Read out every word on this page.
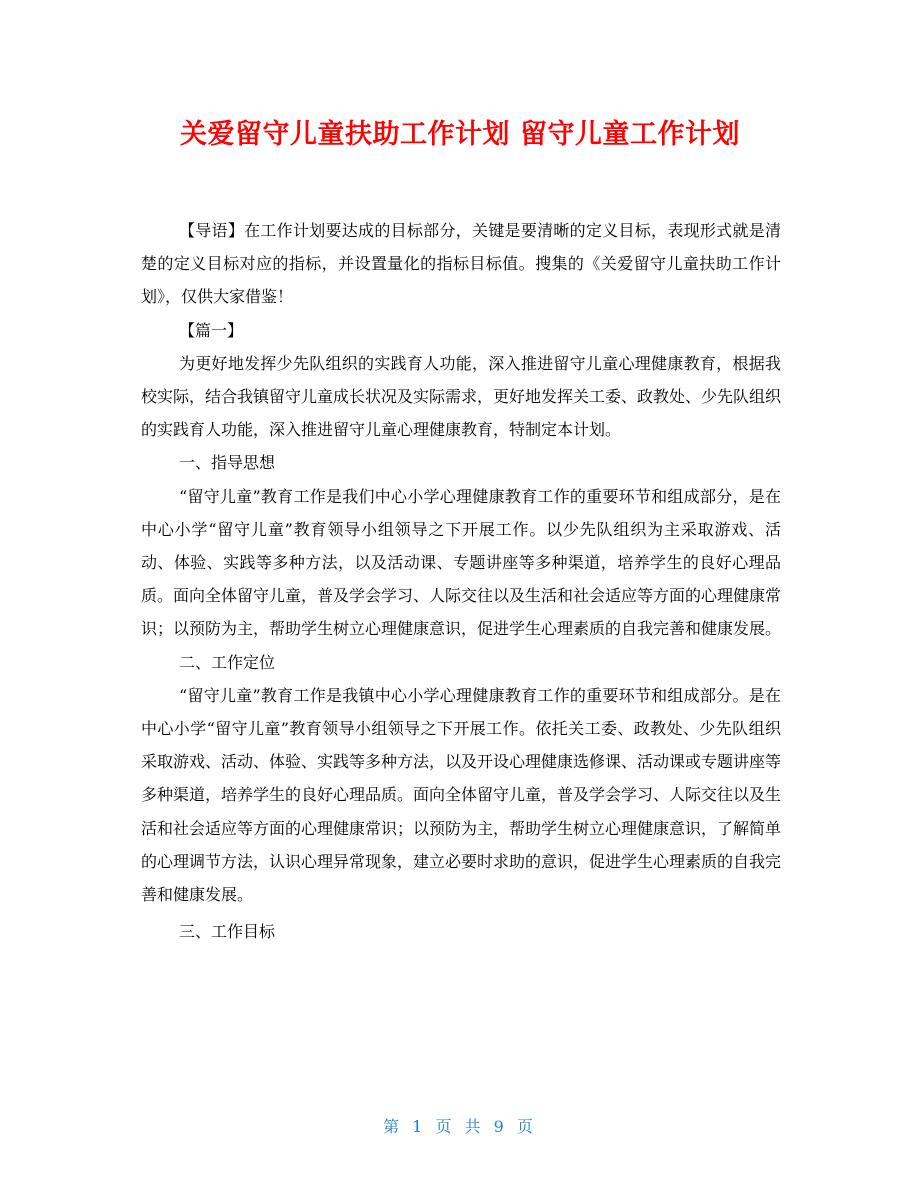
关爱留守儿童扶助工作计划 留守儿童工作计划

【导语】在工作计划要达成的目标部分，关键是要清晰的定义目标，表现形式就是清楚的定义目标对应的指标，并设置量化的指标目标值。搜集的《关爱留守儿童扶助工作计划》，仅供大家借鉴！

【篇一】

为更好地发挥少先队组织的实践育人功能，深入推进留守儿童心理健康教育，根据我校实际，结合我镇留守儿童成长状况及实际需求，更好地发挥关工委、政教处、少先队组织的实践育人功能，深入推进留守儿童心理健康教育，特制定本计划。

一、指导思想

“留守儿童”教育工作是我们中心小学心理健康教育工作的重要环节和组成部分，是在中心小学“留守儿童”教育领导小组领导之下开展工作。以少先队组织为主采取游戏、活动、体验、实践等多种方法，以及活动课、专题讲座等多种渠道，培养学生的良好心理品质。面向全体留守儿童，普及学会学习、人际交往以及生活和社会适应等方面的心理健康常识；以预防为主，帮助学生树立心理健康意识，促进学生心理素质的自我完善和健康发展。

二、工作定位

“留守儿童”教育工作是我镇中心小学心理健康教育工作的重要环节和组成部分。是在中心小学“留守儿童”教育领导小组领导之下开展工作。依托关工委、政教处、少先队组织采取游戏、活动、体验、实践等多种方法，以及开设心理健康选修课、活动课或专题讲座等多种渠道，培养学生的良好心理品质。面向全体留守儿童，普及学会学习、人际交往以及生活和社会适应等方面的心理健康常识；以预防为主，帮助学生树立心理健康意识，了解简单的心理调节方法，认识心理异常现象，建立必要时求助的意识，促进学生心理素质的自我完善和健康发展。

三、工作目标

第 1 页 共 9 页
